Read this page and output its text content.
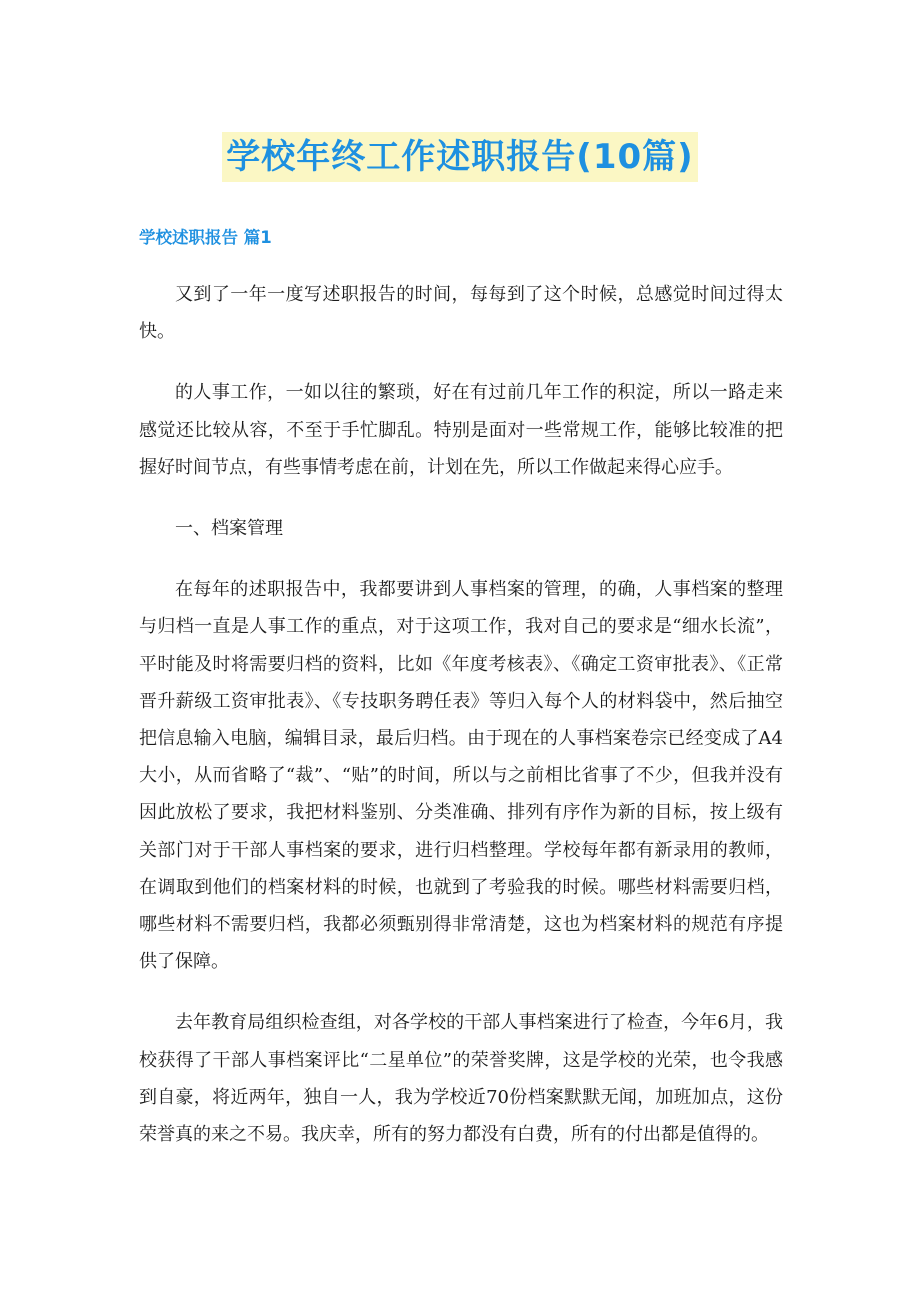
学校年终工作述职报告(10篇)
学校述职报告 篇1

又到了一年一度写述职报告的时间，每每到了这个时候，总感觉时间过得太快。

的人事工作，一如以往的繁琐，好在有过前几年工作的积淀，所以一路走来感觉还比较从容，不至于手忙脚乱。特别是面对一些常规工作，能够比较准的把握好时间节点，有些事情考虑在前，计划在先，所以工作做起来得心应手。

一、档案管理

在每年的述职报告中，我都要讲到人事档案的管理，的确，人事档案的整理与归档一直是人事工作的重点，对于这项工作，我对自己的要求是“细水长流”，平时能及时将需要归档的资料，比如《年度考核表》、《确定工资审批表》、《正常晋升薪级工资审批表》、《专技职务聘任表》等归入每个人的材料袋中，然后抽空把信息输入电脑，编辑目录，最后归档。由于现在的人事档案卷宗已经变成了A4大小，从而省略了“裁”、“贴”的时间，所以与之前相比省事了不少，但我并没有因此放松了要求，我把材料鉴别、分类准确、排列有序作为新的目标，按上级有关部门对于干部人事档案的要求，进行归档整理。学校每年都有新录用的教师，在调取到他们的档案材料的时候，也就到了考验我的时候。哪些材料需要归档，哪些材料不需要归档，我都必须甄别得非常清楚，这也为档案材料的规范有序提供了保障。

去年教育局组织检查组，对各学校的干部人事档案进行了检查，今年6月，我校获得了干部人事档案评比“二星单位”的荣誉奖牌，这是学校的光荣，也令我感到自豪，将近两年，独自一人，我为学校近70份档案默默无闻，加班加点，这份荣誉真的来之不易。我庆幸，所有的努力都没有白费，所有的付出都是值得的。
